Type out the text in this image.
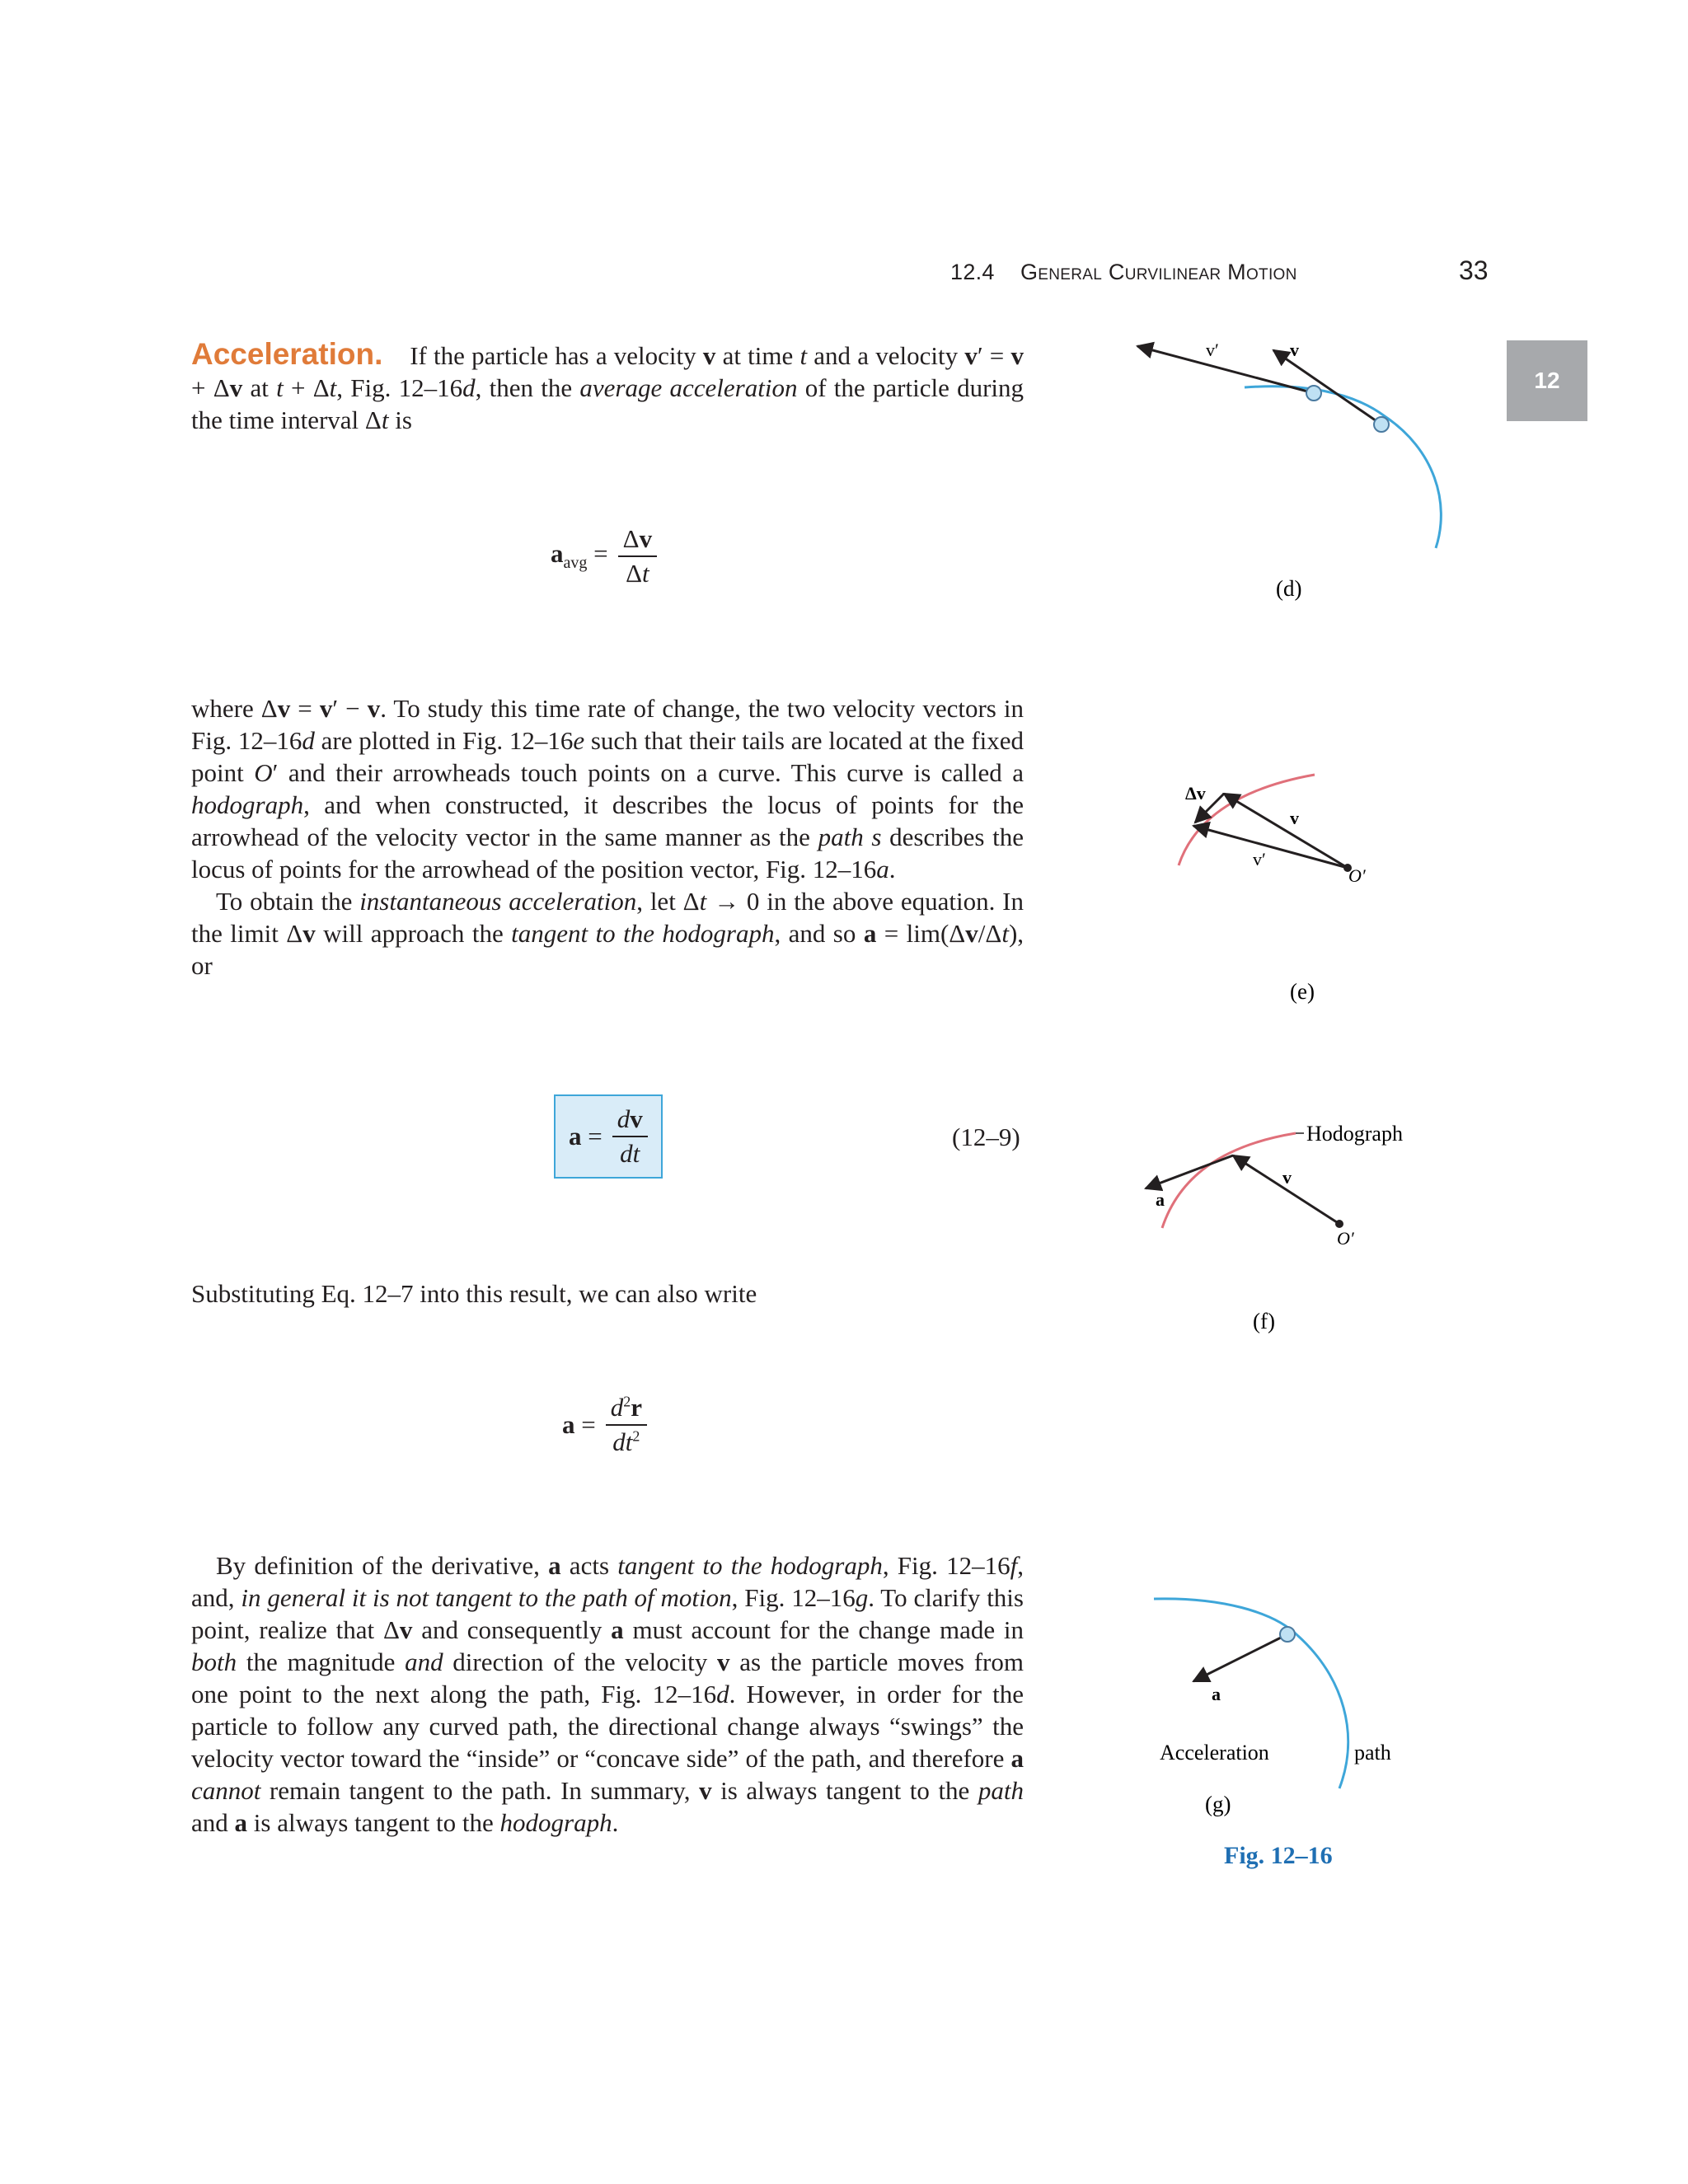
12.4 General Curvilinear Motion	33
12

Acceleration.    If the particle has a velocity v at time t and a velocity v′ = v + Δv at t + Δt, Fig. 12–16d, then the average acceleration of the particle during the time interval Δt is

$a_{avg} = \frac{\Delta v}{\Delta t}$

where Δv = v′ − v. To study this time rate of change, the two velocity vectors in Fig. 12–16d are plotted in Fig. 12–16e such that their tails are located at the fixed point O′ and their arrowheads touch points on a curve. This curve is called a hodograph, and when constructed, it describes the locus of points for the arrowhead of the velocity vector in the same manner as the path s describes the locus of points for the arrowhead of the position vector, Fig. 12–16a.

To obtain the instantaneous acceleration, let Δt → 0 in the above equation. In the limit Δv will approach the tangent to the hodograph, and so a = lim(Δv/Δt), or

$a = \frac{dv}{dt}$	(12–9)
Substituting Eq. 12–7 into this result, we can also write
$a = \frac{d^2r}{dt^2}$

By definition of the derivative, a acts tangent to the hodograph, Fig. 12–16f, and, in general it is not tangent to the path of motion, Fig. 12–16g. To clarify this point, realize that Δv and consequently a must account for the change made in both the magnitude and direction of the velocity v as the particle moves from one point to the next along the path, Fig. 12–16d. However, in order for the particle to follow any curved path, the directional change always “swings” the velocity vector toward the “inside” or “concave side” of the path, and therefore a cannot remain tangent to the path. In summary, v is always tangent to the path and a is always tangent to the hodograph.

v′	v
(d)
Δv
v
v′
O′
(e)
Hodograph
v
a
O′
(f)
a
Acceleration	path
(g)
Fig. 12–16
